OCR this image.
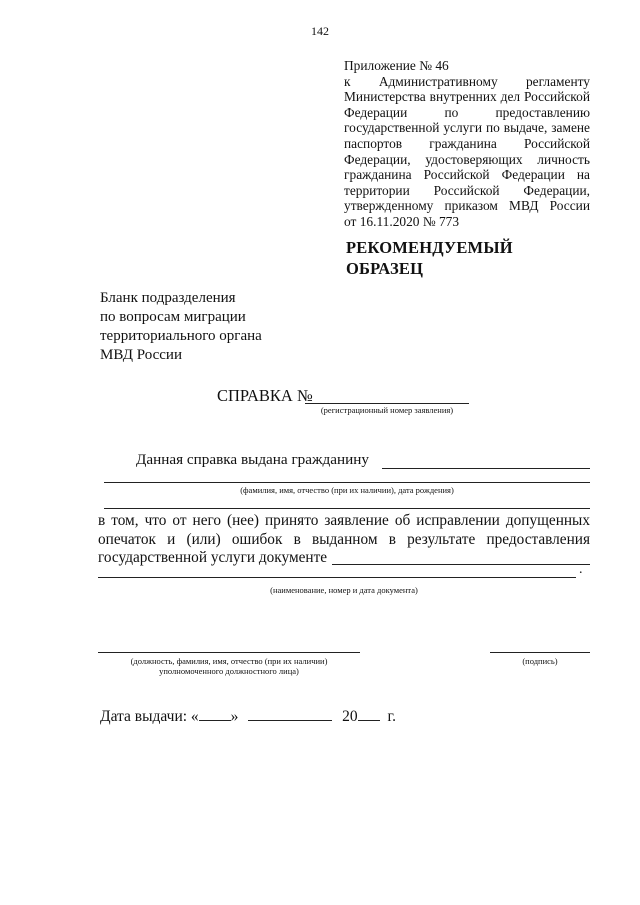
142
Приложение № 46
к Административному регламенту
Министерства внутренних дел Российской
Федерации по предоставлению
государственной услуги по выдаче, замене
паспортов гражданина Российской
Федерации, удостоверяющих личность
гражданина Российской Федерации на
территории Российской Федерации,
утвержденному приказом МВД России
от 16.11.2020 № 773
РЕКОМЕНДУЕМЫЙ
ОБРАЗЕЦ
Бланк подразделения
по вопросам миграции
территориального органа
МВД России
СПРАВКА №
(регистрационный номер заявления)
Данная справка выдана гражданину
(фамилия, имя, отчество (при их наличии), дата рождения)
в том, что от него (нее) принято заявление об исправлении допущенных
опечаток и (или) ошибок в выданном в результате предоставления
государственной услуги документе
.
(наименование, номер и дата документа)
(должность, фамилия, имя, отчество (при их наличии)
уполномоченного должностного лица)
(подпись)
Дата выдачи: « »	20 г.
